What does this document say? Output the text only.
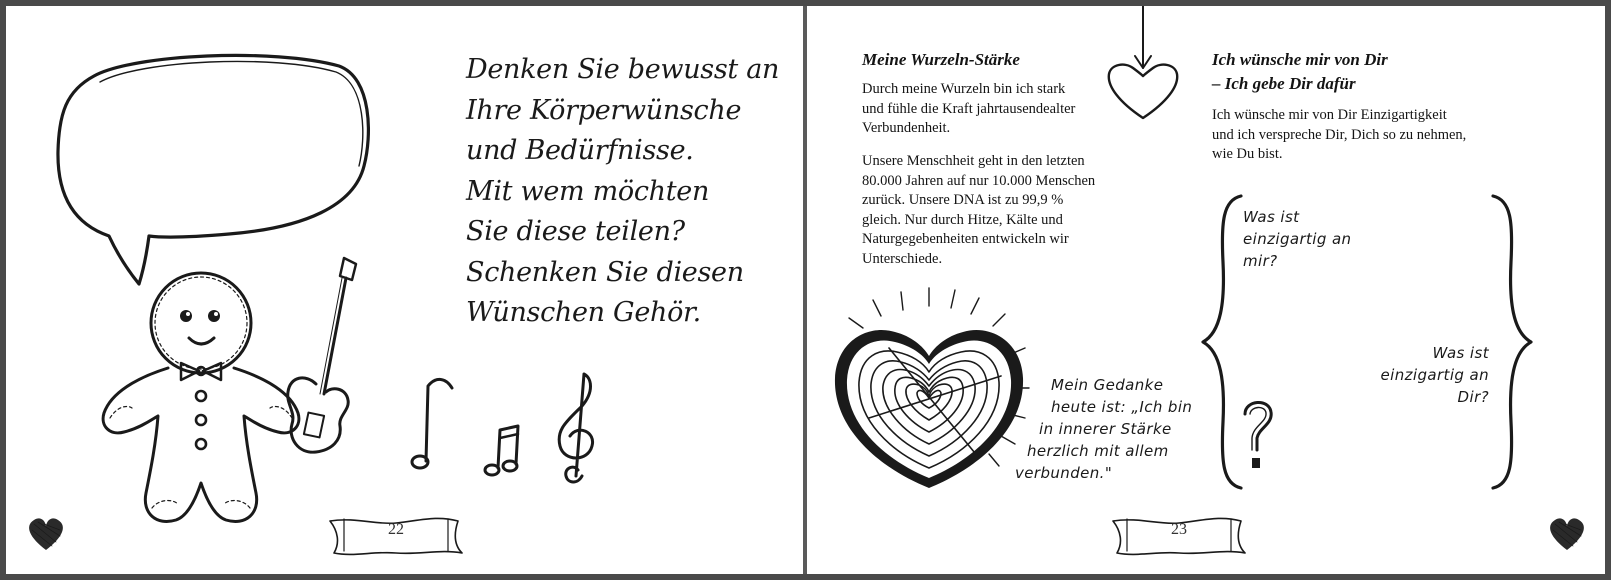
Denken Sie bewusst an
Ihre Körperwünsche
und Bedürfnisse.
Mit wem möchten
Sie diese teilen?
Schenken Sie diesen
Wünschen Gehör.
22
Meine Wurzeln-Stärke
Durch meine Wurzeln bin ich stark
und fühle die Kraft jahrtausendealter
Verbundenheit.
Unsere Menschheit geht in den letzten
80.000 Jahren auf nur 10.000 Menschen
zurück. Unsere DNA ist zu 99,9 %
gleich. Nur durch Hitze, Kälte und
Naturgegebenheiten entwickeln wir
Unterschiede.
Mein Gedanke
heute ist: „Ich bin
in innerer Stärke
herzlich mit allem
verbunden."
Ich wünsche mir von Dir
– Ich gebe Dir dafür
Ich wünsche mir von Dir Einzigartigkeit
und ich verspreche Dir, Dich so zu nehmen,
wie Du bist.
Was ist
einzigartig an
mir?
Was ist
einzigartig an
Dir?
23
